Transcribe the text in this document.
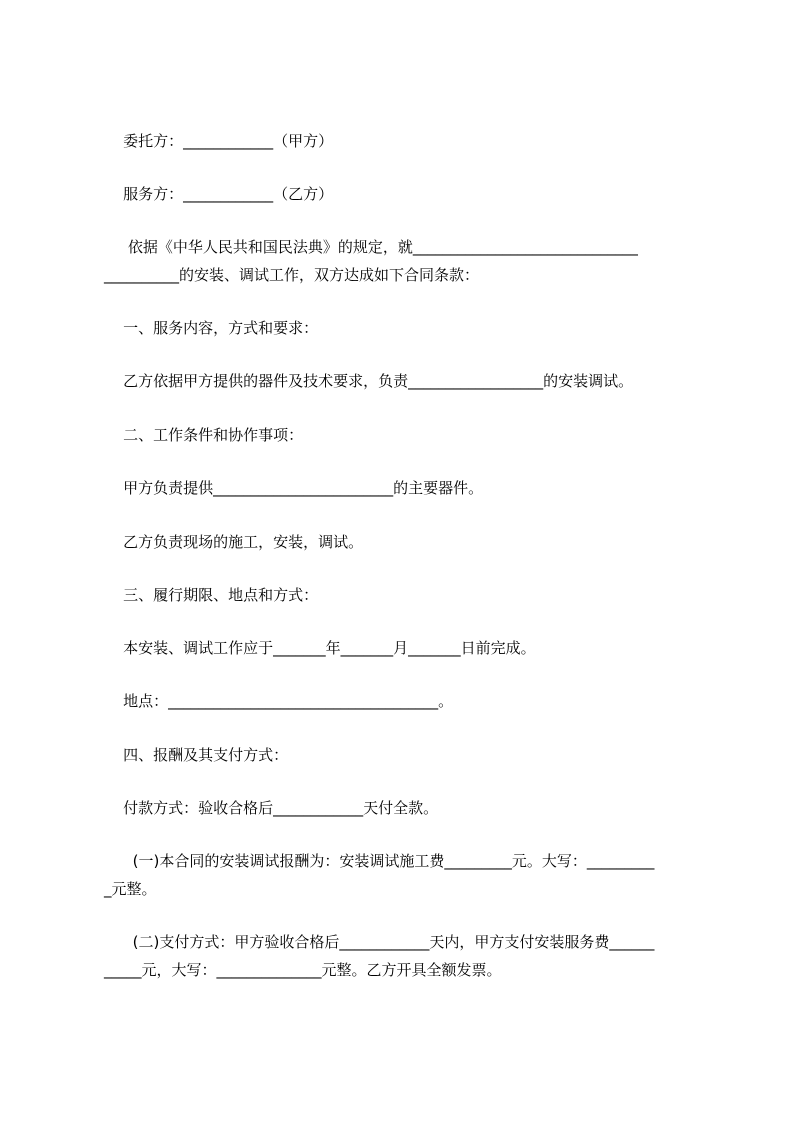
委托方：____________（甲方）
服务方：____________（乙方）
依据《中华人民共和国民法典》的规定，就______________________________
__________的安装、调试工作，双方达成如下合同条款：
一、服务内容，方式和要求：
乙方依据甲方提供的器件及技术要求，负责__________________的安装调试。
二、工作条件和协作事项：
甲方负责提供________________________的主要器件。
乙方负责现场的施工，安装，调试。
三、履行期限、地点和方式：
本安装、调试工作应于_______年_______月_______日前完成。
地点：____________________________________。
四、报酬及其支付方式：
付款方式：验收合格后____________天付全款。
(一)本合同的安装调试报酬为：安装调试施工费_________元。大写：_________
_元整。
(二)支付方式：甲方验收合格后____________天内，甲方支付安装服务费______
_____元，大写：______________元整。乙方开具全额发票。
